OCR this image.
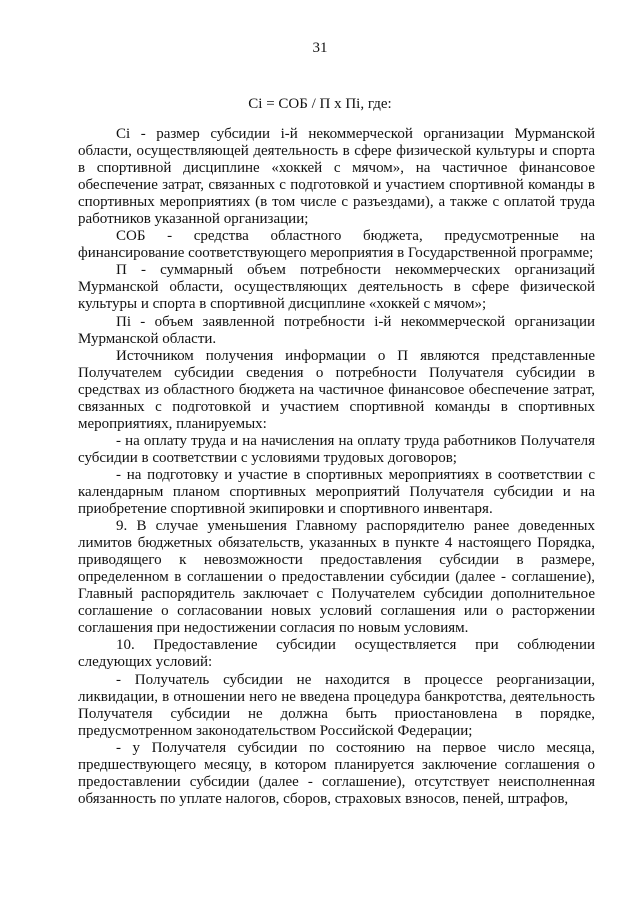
31
Ci = СОБ / П x Пi, где:

Ci - размер субсидии i-й некоммерческой организации Мурманской области, осуществляющей деятельность в сфере физической культуры и спорта в спортивной дисциплине «хоккей с мячом», на частичное финансовое обеспечение затрат, связанных с подготовкой и участием спортивной команды в спортивных мероприятиях (в том числе с разъездами), а также с оплатой труда работников указанной организации;

СОБ - средства областного бюджета, предусмотренные на финансирование соответствующего мероприятия в Государственной программе;

П - суммарный объем потребности некоммерческих организаций Мурманской области, осуществляющих деятельность в сфере физической культуры и спорта в спортивной дисциплине «хоккей с мячом»;

Пi - объем заявленной потребности i-й некоммерческой организации Мурманской области.

Источником получения информации о П являются представленные Получателем субсидии сведения о потребности Получателя субсидии в средствах из областного бюджета на частичное финансовое обеспечение затрат, связанных с подготовкой и участием спортивной команды в спортивных мероприятиях, планируемых:

- на оплату труда и на начисления на оплату труда работников Получателя субсидии в соответствии с условиями трудовых договоров;

- на подготовку и участие в спортивных мероприятиях в соответствии с календарным планом спортивных мероприятий Получателя субсидии и на приобретение спортивной экипировки и спортивного инвентаря.

9. В случае уменьшения Главному распорядителю ранее доведенных лимитов бюджетных обязательств, указанных в пункте 4 настоящего Порядка, приводящего к невозможности предоставления субсидии в размере, определенном в соглашении о предоставлении субсидии (далее - соглашение), Главный распорядитель заключает с Получателем субсидии дополнительное соглашение о согласовании новых условий соглашения или о расторжении соглашения при недостижении согласия по новым условиям.

10. Предоставление субсидии осуществляется при соблюдении следующих условий:

- Получатель субсидии не находится в процессе реорганизации, ликвидации, в отношении него не введена процедура банкротства, деятельность Получателя субсидии не должна быть приостановлена в порядке, предусмотренном законодательством Российской Федерации;

- у Получателя субсидии по состоянию на первое число месяца, предшествующего месяцу, в котором планируется заключение соглашения о предоставлении субсидии (далее - соглашение), отсутствует неисполненная обязанность по уплате налогов, сборов, страховых взносов, пеней, штрафов,
